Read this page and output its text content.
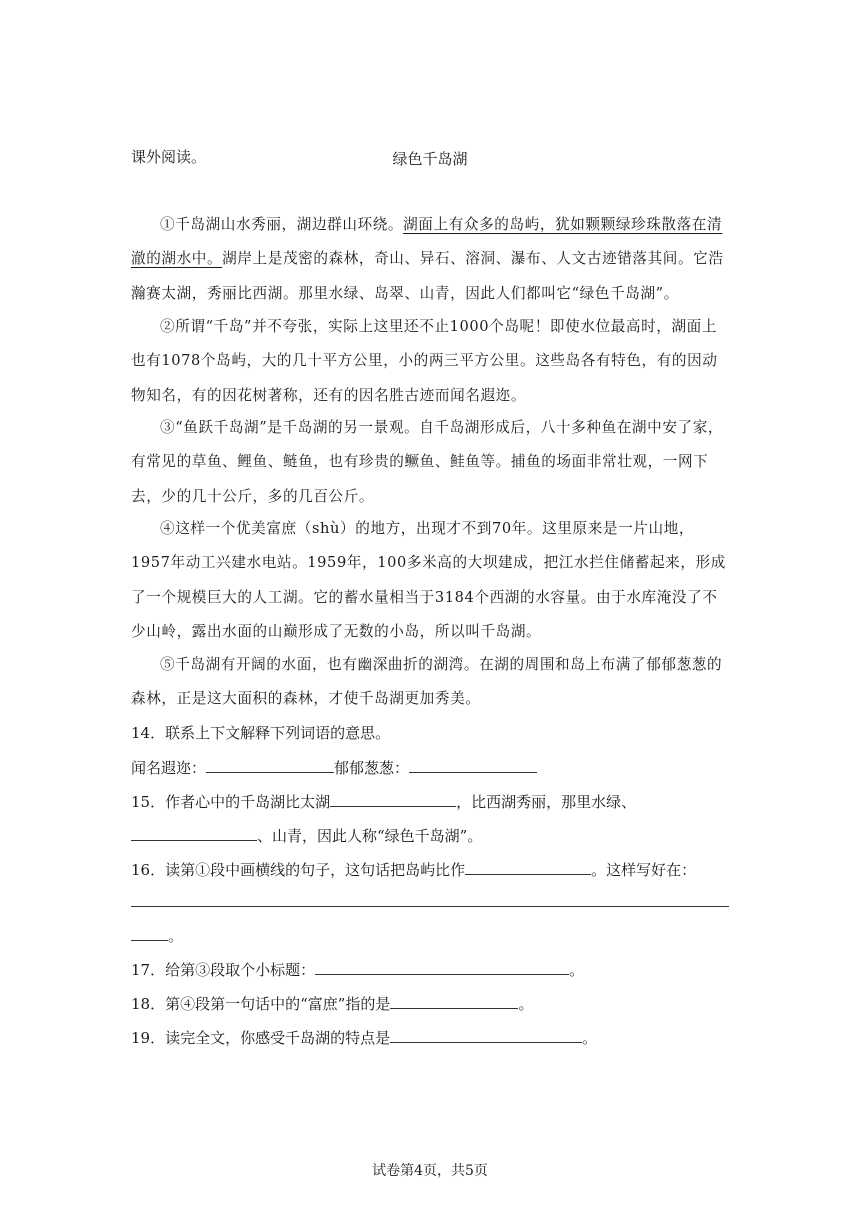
课外阅读。	绿色千岛湖
①千岛湖山水秀丽，湖边群山环绕。湖面上有众多的岛屿，犹如颗颗绿珍珠散落在清澈的湖水中。湖岸上是茂密的森林，奇山、异石、溶洞、瀑布、人文古迹错落其间。它浩瀚赛太湖，秀丽比西湖。那里水绿、岛翠、山青，因此人们都叫它“绿色千岛湖”。
②所谓“千岛”并不夸张，实际上这里还不止1000个岛呢！即使水位最高时，湖面上也有1078个岛屿，大的几十平方公里，小的两三平方公里。这些岛各有特色，有的因动物知名，有的因花树著称，还有的因名胜古迹而闻名遐迩。
③“鱼跃千岛湖”是千岛湖的另一景观。自千岛湖形成后，八十多种鱼在湖中安了家，有常见的草鱼、鲤鱼、鲢鱼，也有珍贵的鳜鱼、鲑鱼等。捕鱼的场面非常壮观，一网下去，少的几十公斤，多的几百公斤。
④这样一个优美富庶（shù）的地方，出现才不到70年。这里原来是一片山地，1957年动工兴建水电站。1959年，100多米高的大坝建成，把江水拦住储蓄起来，形成了一个规模巨大的人工湖。它的蓄水量相当于3184个西湖的水容量。由于水库淹没了不少山岭，露出水面的山巅形成了无数的小岛，所以叫千岛湖。
⑤千岛湖有开阔的水面，也有幽深曲折的湖湾。在湖的周围和岛上布满了郁郁葱葱的森林，正是这大面积的森林，才使千岛湖更加秀美。
14．联系上下文解释下列词语的意思。
闻名遐迩：	郁郁葱葱：
15．作者心中的千岛湖比太湖	，比西湖秀丽，那里水绿、
、山青，因此人称“绿色千岛湖”。
16．读第①段中画横线的句子，这句话把岛屿比作	。这样写好在：
。
17．给第③段取个小标题：	。
18．第④段第一句话中的“富庶”指的是	。
19．读完全文，你感受千岛湖的特点是	。
试卷第4页，共5页
